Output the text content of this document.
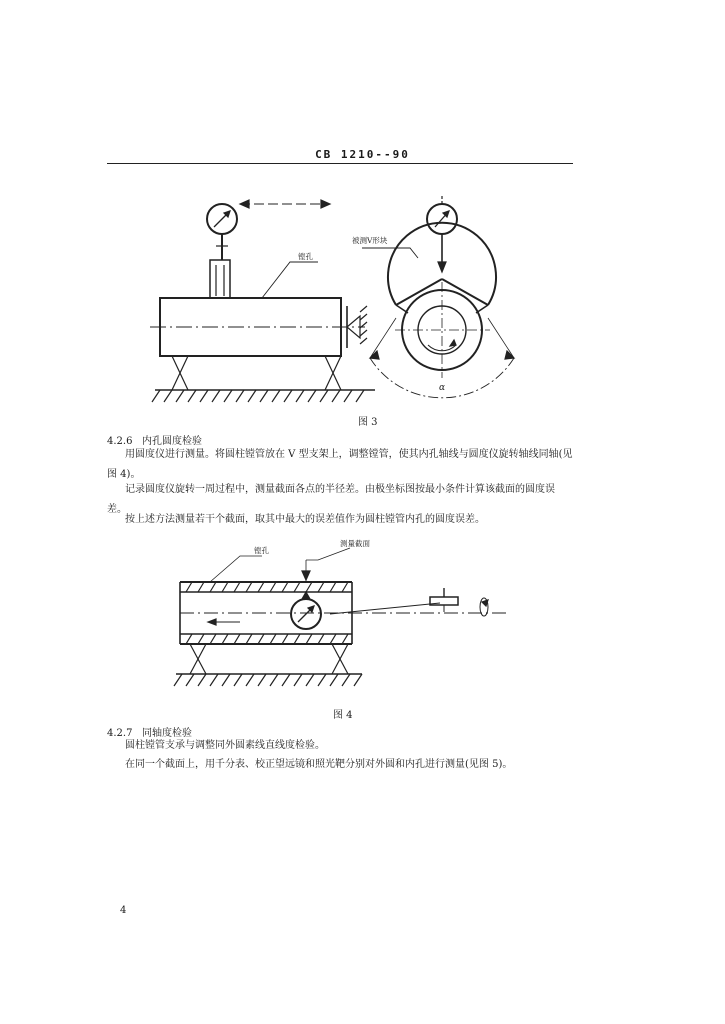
CB 1210--90
镗孔
被测V形块
α
图 3
4.2.6 内孔圆度检验
用圆度仪进行测量。将圆柱镗管放在 V 型支架上，调整镗管，使其内孔轴线与圆度仪旋转轴线同轴(见图 4)。
记录圆度仪旋转一周过程中，测量截面各点的半径差。由极坐标图按最小条件计算该截面的圆度误差。
按上述方法测量若干个截面，取其中最大的误差值作为圆柱镗管内孔的圆度误差。
镗孔
测量截面
图 4
4.2.7 同轴度检验
圆柱镗管支承与调整同外圆素线直线度检验。
在同一个截面上，用千分表、校正望远镜和照光靶分别对外圆和内孔进行测量(见图 5)。
4
